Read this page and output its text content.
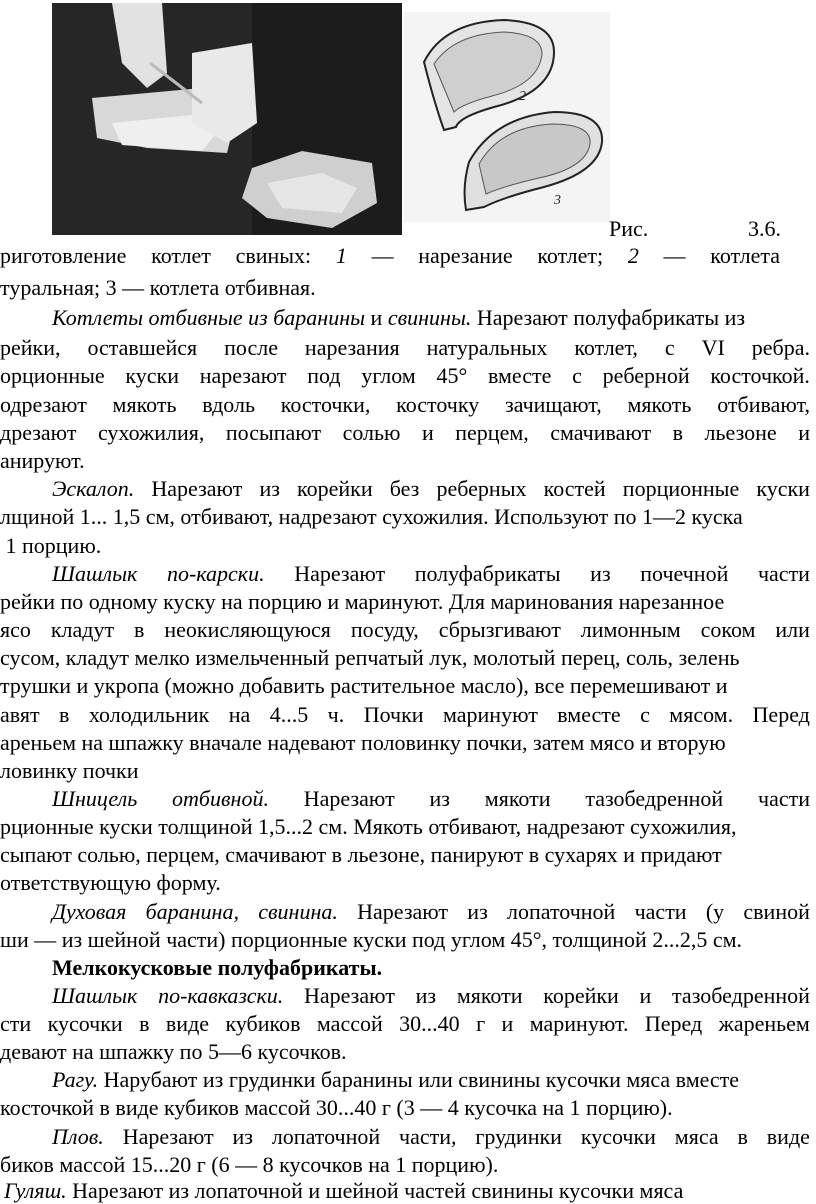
2
3
Рис.	3.6.
риготовление котлет свиных: 1 — нарезание котлет; 2 — котлета
туральная; 3 — котлета отбивная.
Котлеты отбивные из баранины и свинины. Нарезают полуфабрикаты из
рейки, оставшейся после нарезания натуральных котлет, с VI ребра.
орционные куски нарезают под углом 45° вместе с реберной косточкой.
одрезают мякоть вдоль косточки, косточку зачищают, мякоть отбивают,
дрезают сухожилия, посыпают солью и перцем, смачивают в льезоне и
анируют.
Эскалоп. Нарезают из корейки без реберных костей порционные куски
лщиной 1... 1,5 см, отбивают, надрезают сухожилия. Используют по 1—2 куска
1 порцию.
Шашлык по-карски. Нарезают полуфабрикаты из почечной части
рейки по одному куску на порцию и маринуют. Для маринования нарезанное
ясо кладут в неокисляющуюся посуду, сбрызгивают лимонным соком или
сусом, кладут мелко измельченный репчатый лук, молотый перец, соль, зелень
трушки и укропа (можно добавить растительное масло), все перемешивают и
авят в холодильник на 4...5 ч. Почки маринуют вместе с мясом. Перед
ареньем на шпажку вначале надевают половинку почки, затем мясо и вторую
ловинку почки
Шницель отбивной. Нарезают из мякоти тазобедренной части
рционные куски толщиной 1,5...2 см. Мякоть отбивают, надрезают сухожилия,
сыпают солью, перцем, смачивают в льезоне, панируют в сухарях и придают
ответствующую форму.
Духовая баранина, свинина. Нарезают из лопаточной части (у свиной
ши — из шейной части) порционные куски под углом 45°, толщиной 2...2,5 см.
Мелкокусковые полуфабрикаты.
Шашлык по-кавказски. Нарезают из мякоти корейки и тазобедренной
сти кусочки в виде кубиков массой 30...40 г и маринуют. Перед жареньем
девают на шпажку по 5—6 кусочков.
Рагу. Нарубают из грудинки баранины или свинины кусочки мяса вместе
косточкой в виде кубиков массой 30...40 г (3 — 4 кусочка на 1 порцию).
Плов. Нарезают из лопаточной части, грудинки кусочки мяса в виде
биков массой 15...20 г (6 — 8 кусочков на 1 порцию).
Гуляш. Нарезают из лопаточной и шейной частей свинины кусочки мяса
